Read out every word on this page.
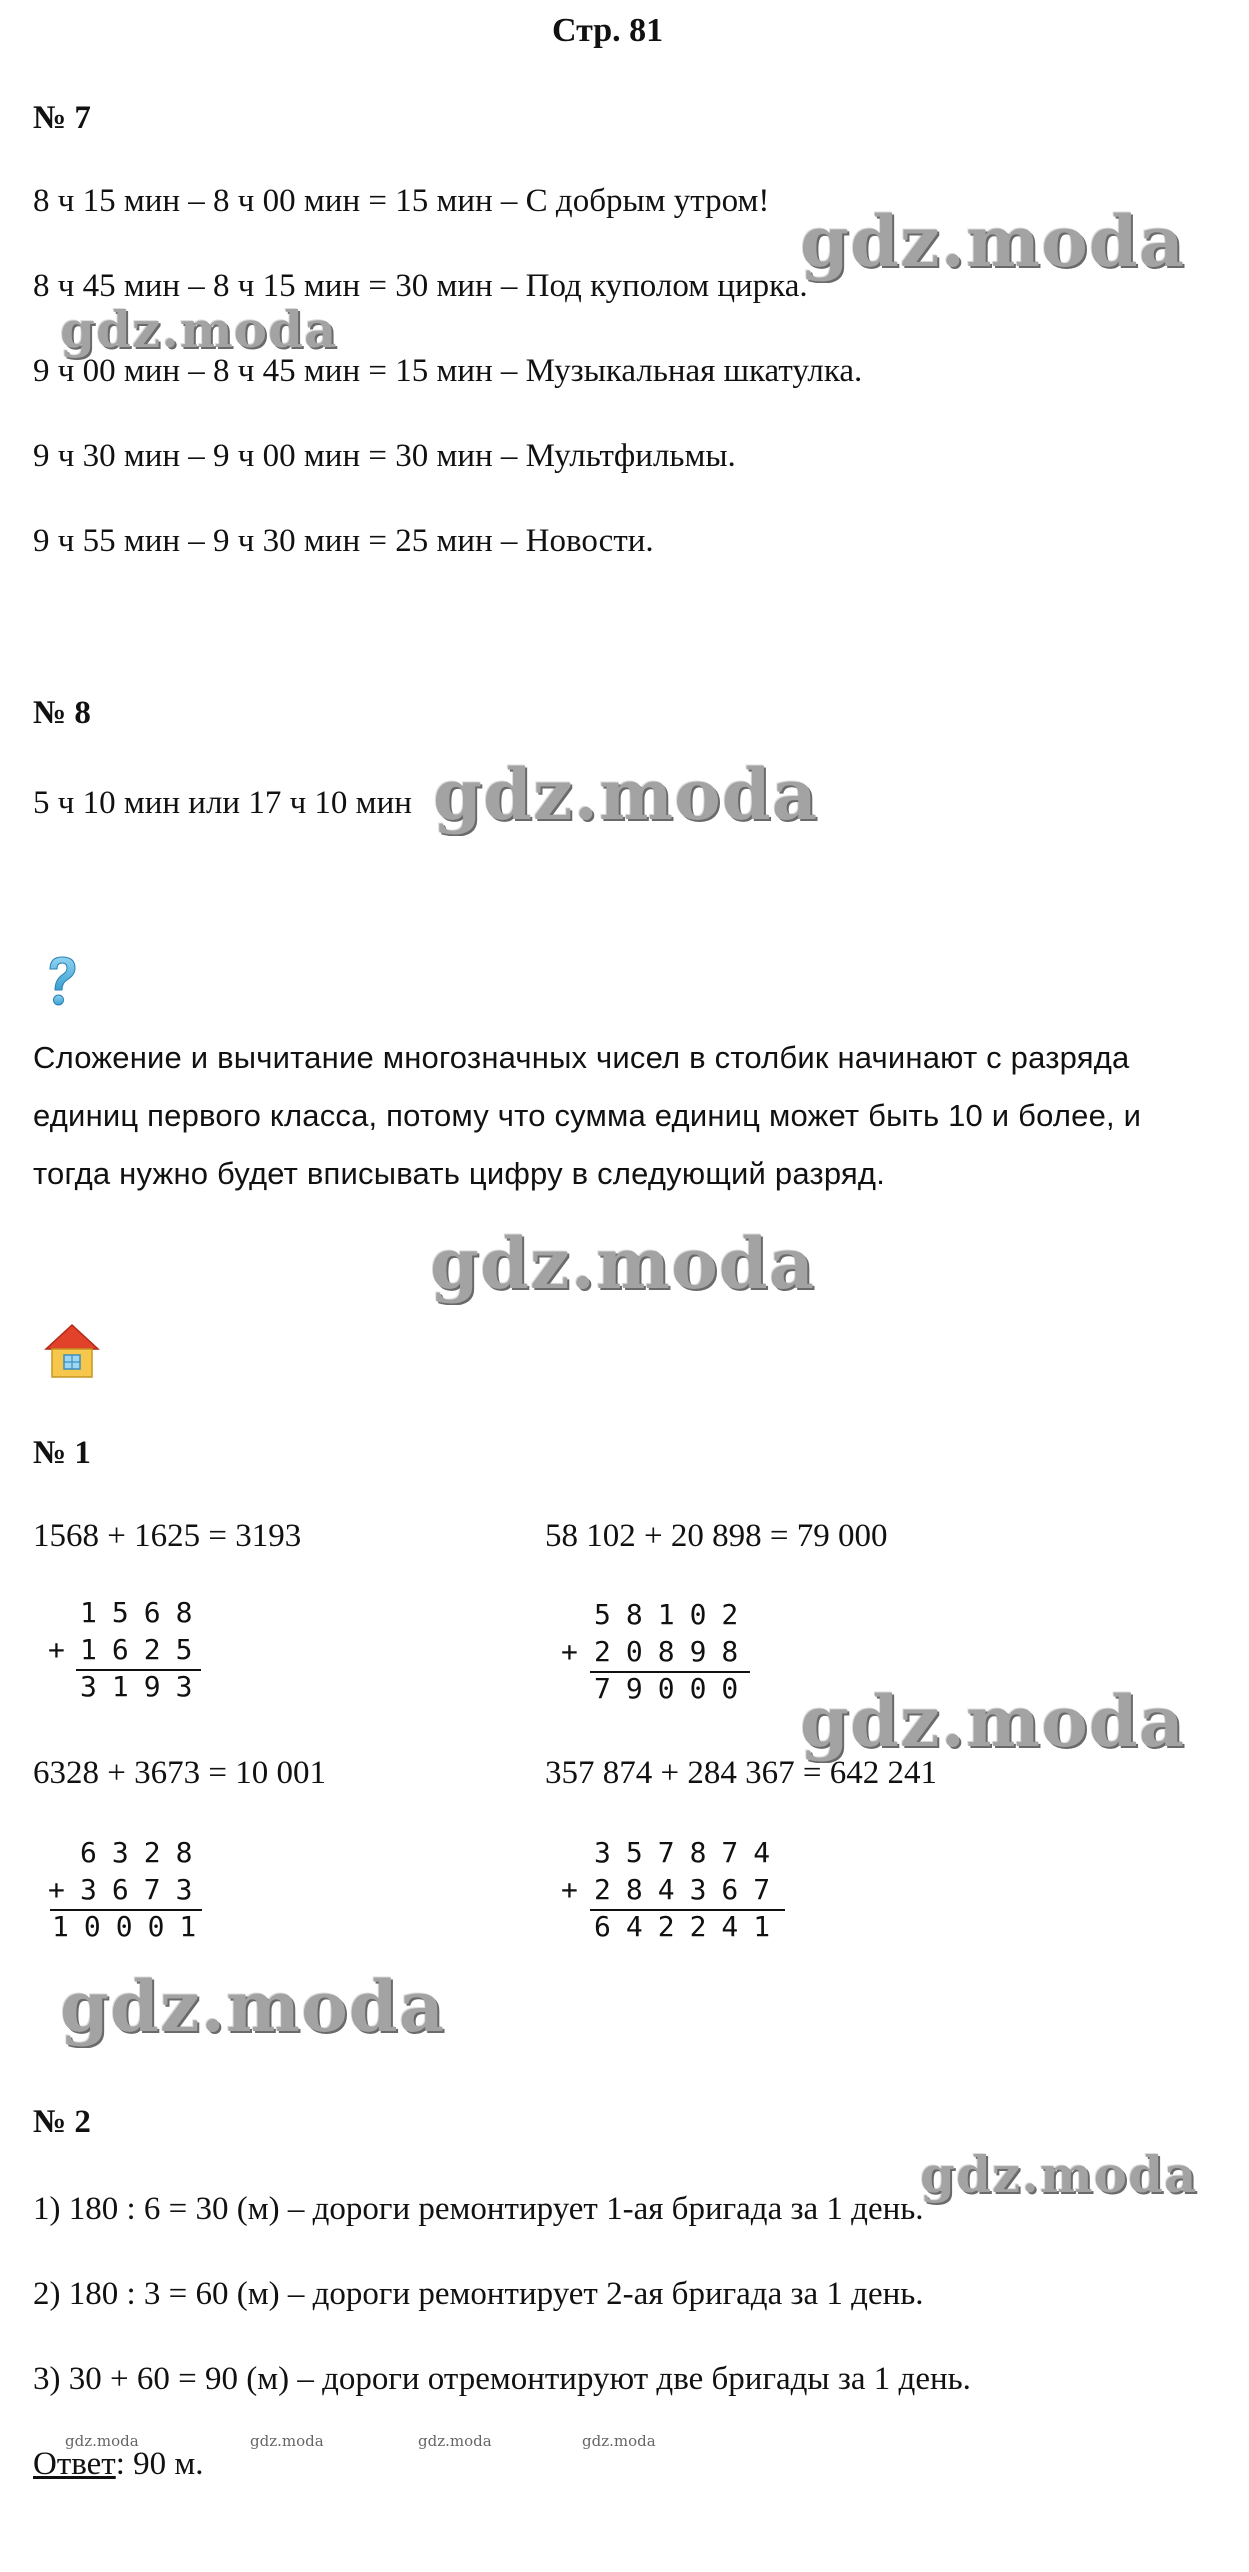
Стр. 81
№ 7
8 ч 15 мин – 8 ч 00 мин = 15 мин – С добрым утром!
8 ч 45 мин – 8 ч 15 мин = 30 мин – Под куполом цирка.
9 ч 00 мин – 8 ч 45 мин = 15 мин – Музыкальная шкатулка.
9 ч 30 мин – 9 ч 00 мин = 30 мин – Мультфильмы.
9 ч 55 мин – 9 ч 30 мин = 25 мин – Новости.
№ 8
5 ч 10 мин или 17 ч 10 мин
Сложение и вычитание многозначных чисел в столбик начинают с разряда
единиц первого класса, потому что сумма единиц может быть 10 и более, и
тогда нужно будет вписывать цифру в следующий разряд.
№ 1
1568 + 1625 = 3193	58 102 + 20 898 = 79 000
1568
+ 1625
3193
58102
+ 20898
79000
6328 + 3673 = 10 001	357 874 + 284 367 = 642 241
6328
+ 3673
10001
357874
+ 284367
642241
№ 2
1) 180 : 6 = 30 (м) – дороги ремонтирует 1-ая бригада за 1 день.
2) 180 : 3 = 60 (м) – дороги ремонтирует 2-ая бригада за 1 день.
3) 30 + 60 = 90 (м) – дороги отремонтируют две бригады за 1 день.
Ответ: 90 м.
gdz.moda
gdz.moda
gdz.moda
gdz.moda
gdz.moda
gdz.moda
gdz.moda
gdz.moda	gdz.moda	gdz.moda	gdz.moda
